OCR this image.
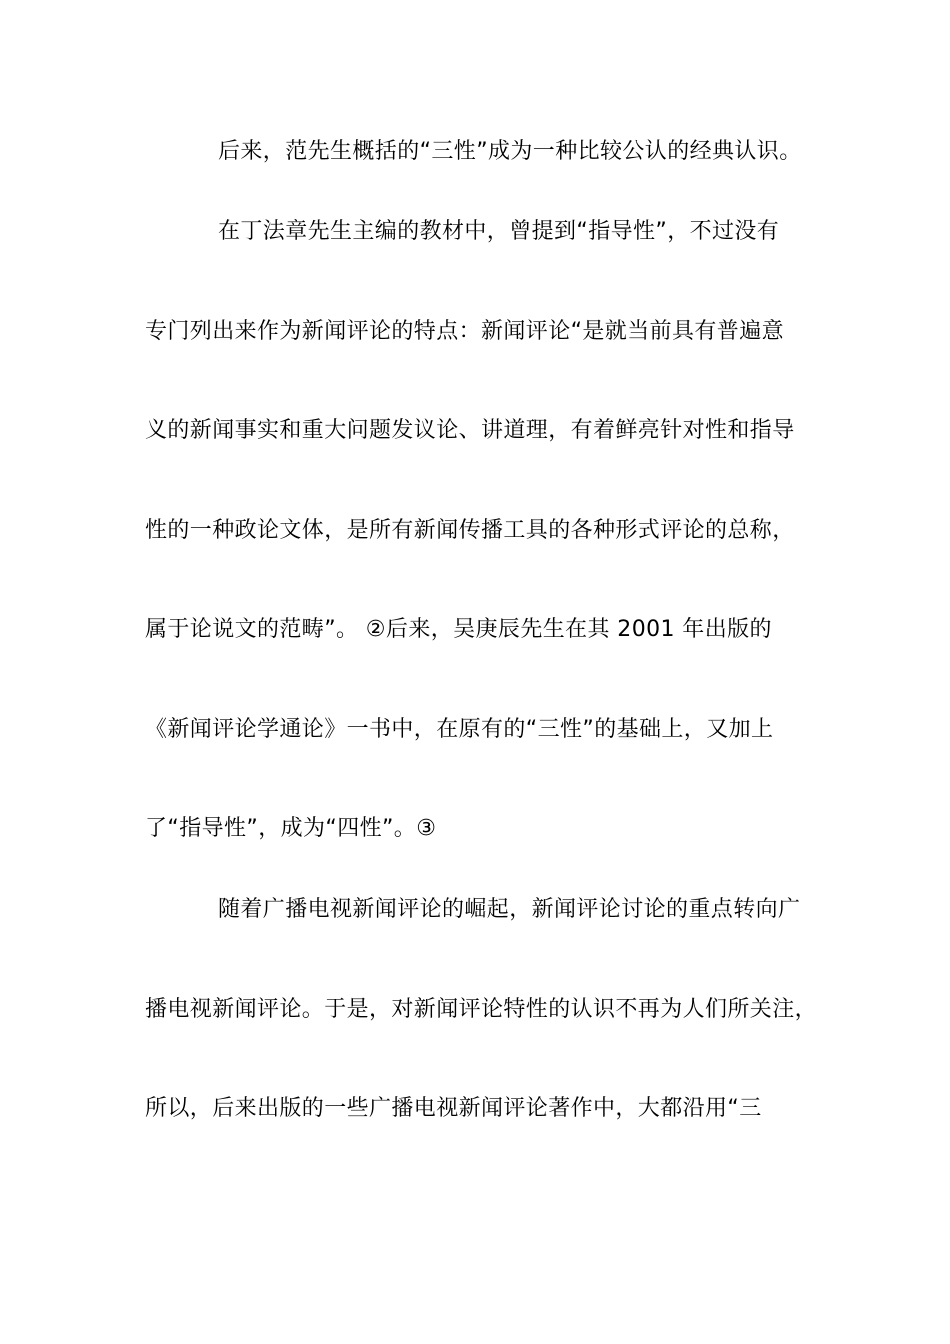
后来，范先生概括的“三性”成为一种比较公认的经典认识。
在丁法章先生主编的教材中，曾提到“指导性”，不过没有
专门列出来作为新闻评论的特点：新闻评论“是就当前具有普遍意
义的新闻事实和重大问题发议论、讲道理，有着鲜亮针对性和指导
性的一种政论文体，是所有新闻传播工具的各种形式评论的总称，
属于论说文的范畴”。 ②后来，吴庚辰先生在其 2001 年出版的
《新闻评论学通论》一书中，在原有的“三性”的基础上，又加上
了“指导性”，成为“四性”。③
随着广播电视新闻评论的崛起，新闻评论讨论的重点转向广
播电视新闻评论。于是，对新闻评论特性的认识不再为人们所关注，
所以，后来出版的一些广播电视新闻评论著作中，大都沿用“三
